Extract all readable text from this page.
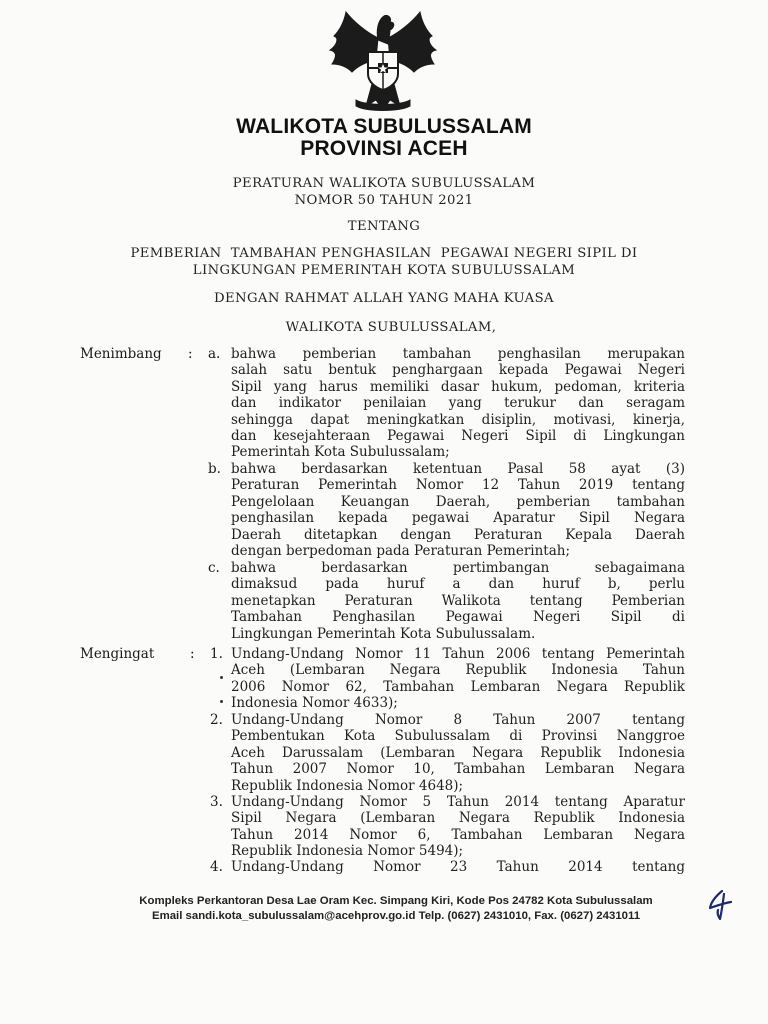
WALIKOTA SUBULUSSALAM
PROVINSI ACEH
PERATURAN WALIKOTA SUBULUSSALAM
NOMOR 50 TAHUN 2021
TENTANG
PEMBERIAN  TAMBAHAN PENGHASILAN  PEGAWAI NEGERI SIPIL DI
LINGKUNGAN PEMERINTAH KOTA SUBULUSSALAM
DENGAN RAHMAT ALLAH YANG MAHA KUASA
WALIKOTA SUBULUSSALAM,
Menimbang : a. bahwa pemberian tambahan penghasilan merupakan
salah satu bentuk penghargaan kepada Pegawai Negeri
Sipil yang harus memiliki dasar hukum, pedoman, kriteria
dan indikator penilaian yang terukur dan seragam
sehingga dapat meningkatkan disiplin, motivasi, kinerja,
dan kesejahteraan Pegawai Negeri Sipil di Lingkungan
Pemerintah Kota Subulussalam;
b. bahwa berdasarkan ketentuan Pasal 58 ayat (3)
Peraturan Pemerintah Nomor 12 Tahun 2019 tentang
Pengelolaan Keuangan Daerah, pemberian tambahan
penghasilan kepada pegawai Aparatur Sipil Negara
Daerah ditetapkan dengan Peraturan Kepala Daerah
dengan berpedoman pada Peraturan Pemerintah;
c. bahwa berdasarkan pertimbangan sebagaimana
dimaksud pada huruf a dan huruf b, perlu
menetapkan Peraturan Walikota tentang Pemberian
Tambahan Penghasilan Pegawai Negeri Sipil di
Lingkungan Pemerintah Kota Subulussalam.
Mengingat	: 1. Undang-Undang Nomor 11 Tahun 2006 tentang Pemerintah
Aceh (Lembaran Negara Republik Indonesia Tahun
2006 Nomor 62, Tambahan Lembaran Negara Republik
Indonesia Nomor 4633);
2. Undang-Undang Nomor 8 Tahun 2007 tentang
Pembentukan Kota Subulussalam di Provinsi Nanggroe
Aceh Darussalam (Lembaran Negara Republik Indonesia
Tahun 2007 Nomor 10, Tambahan Lembaran Negara
Republik Indonesia Nomor 4648);
3. Undang-Undang Nomor 5 Tahun 2014 tentang Aparatur
Sipil Negara (Lembaran Negara Republik Indonesia
Tahun 2014 Nomor 6, Tambahan Lembaran Negara
Republik Indonesia Nomor 5494);
4. Undang-Undang Nomor 23 Tahun 2014 tentang
Kompleks Perkantoran Desa Lae Oram Kec. Simpang Kiri, Kode Pos 24782 Kota Subulussalam
Email sandi.kota_subulussalam@acehprov.go.id Telp. (0627) 2431010, Fax. (0627) 2431011
